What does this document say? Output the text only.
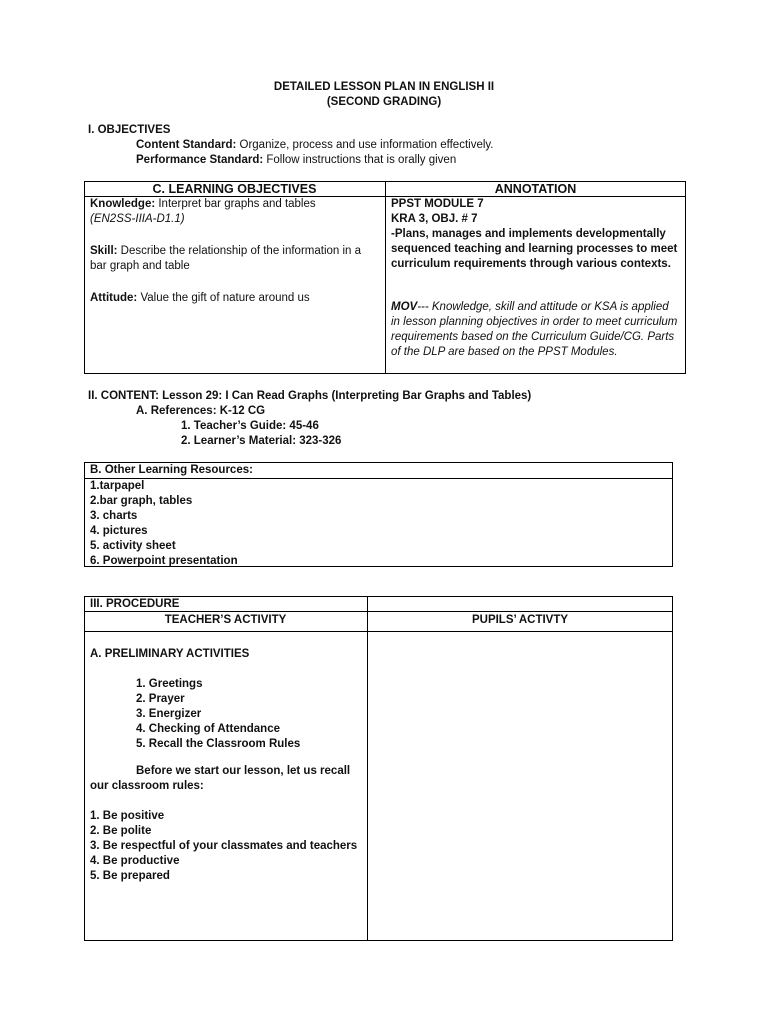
DETAILED LESSON PLAN IN ENGLISH II
(SECOND GRADING)
I. OBJECTIVES
Content Standard: Organize, process and use information effectively.
Performance Standard: Follow instructions that is orally given
C. LEARNING OBJECTIVES	ANNOTATION
Knowledge: Interpret bar graphs and tables
(EN2SS-IIIA-D1.1)
Skill: Describe the relationship of the information in a bar graph and table
Attitude: Value the gift of nature around us
PPST MODULE 7
KRA 3, OBJ. # 7
-Plans, manages and implements developmentally sequenced teaching and learning processes to meet curriculum requirements through various contexts.
MOV--- Knowledge, skill and attitude or KSA is applied in lesson planning objectives in order to meet curriculum requirements based on the Curriculum Guide/CG. Parts of the DLP are based on the PPST Modules.
II. CONTENT: Lesson 29: I Can Read Graphs (Interpreting Bar Graphs and Tables)
A. References: K-12 CG
1. Teacher’s Guide: 45-46
2. Learner’s Material: 323-326
B. Other Learning Resources:
1.tarpapel
2.bar graph, tables
3. charts
4. pictures
5. activity sheet
6. Powerpoint presentation
III. PROCEDURE
TEACHER’S ACTIVITY	PUPILS’ ACTIVTY
A. PRELIMINARY ACTIVITIES
1. Greetings
2. Prayer
3. Energizer
4. Checking of Attendance
5. Recall the Classroom Rules
Before we start our lesson, let us recall our classroom rules:
1. Be positive
2. Be polite
3. Be respectful of your classmates and teachers
4. Be productive
5. Be prepared
